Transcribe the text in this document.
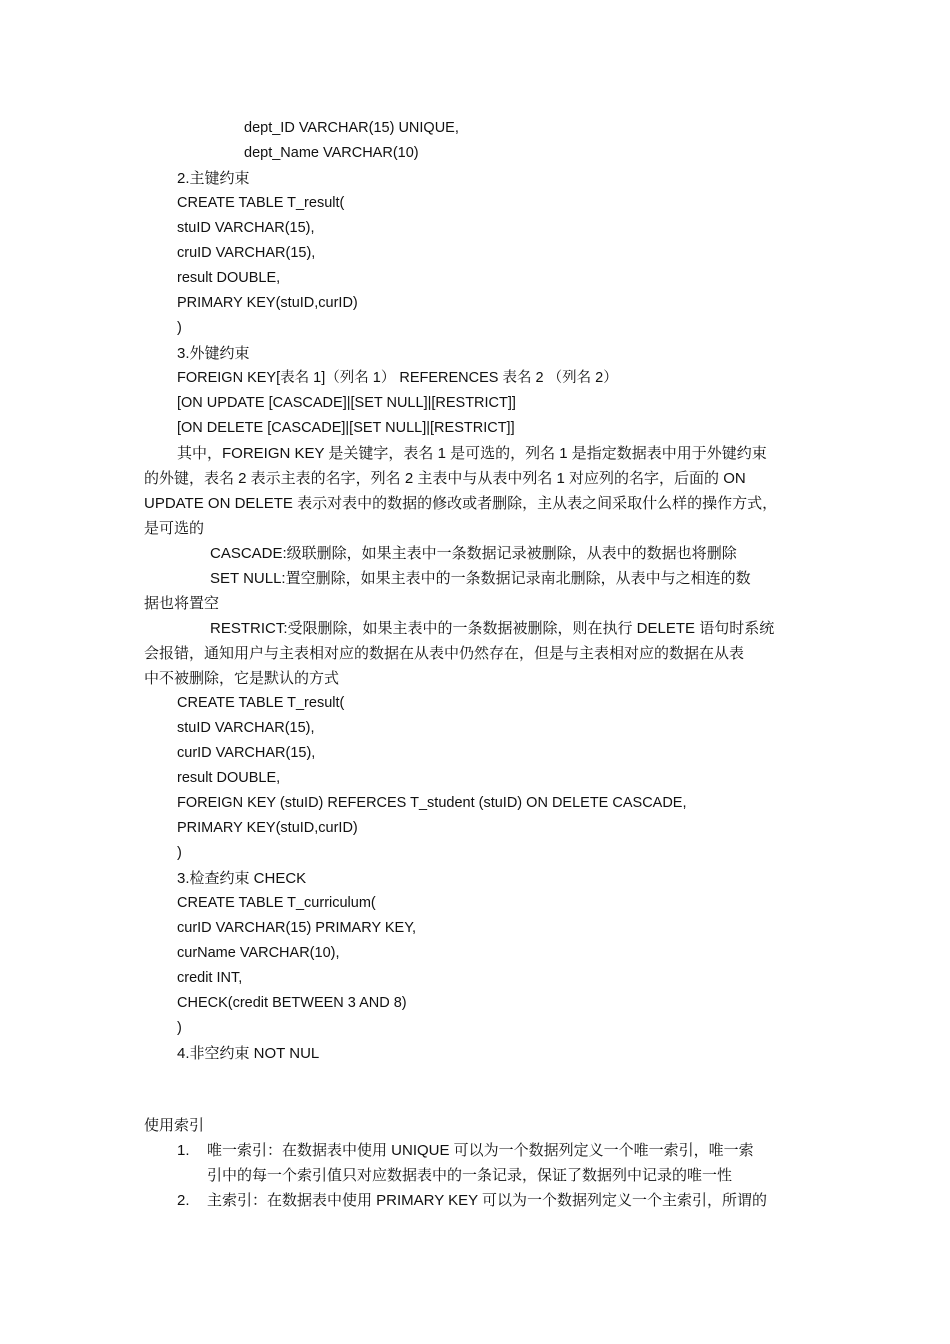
dept_ID VARCHAR(15) UNIQUE,
dept_Name VARCHAR(10)
2.主键约束
CREATE TABLE T_result(
stuID VARCHAR(15),
cruID VARCHAR(15),
result DOUBLE,
PRIMARY KEY(stuID,curID)
)
3.外键约束
FOREIGN KEY[表名 1]（列名 1） REFERENCES 表名 2 （列名 2）
[ON UPDATE [CASCADE]|[SET NULL]|[RESTRICT]]
[ON DELETE [CASCADE]|[SET NULL]|[RESTRICT]]
其中，FOREIGN KEY 是关键字，表名 1 是可选的，列名 1 是指定数据表中用于外键约束
的外键，表名 2 表示主表的名字，列名 2 主表中与从表中列名 1 对应列的名字，后面的 ON
UPDATE ON DELETE 表示对表中的数据的修改或者删除，主从表之间采取什么样的操作方式，
是可选的
CASCADE:级联删除，如果主表中一条数据记录被删除，从表中的数据也将删除
SET NULL:置空删除，如果主表中的一条数据记录南北删除，从表中与之相连的数
据也将置空
RESTRICT:受限删除，如果主表中的一条数据被删除，则在执行 DELETE 语句时系统
会报错，通知用户与主表相对应的数据在从表中仍然存在，但是与主表相对应的数据在从表
中不被删除，它是默认的方式
CREATE TABLE T_result(
stuID VARCHAR(15),
curID VARCHAR(15),
result DOUBLE,
FOREIGN KEY (stuID) REFERCES T_student (stuID) ON DELETE CASCADE,
PRIMARY KEY(stuID,curID)
)
3.检查约束 CHECK
CREATE TABLE T_curriculum(
curID VARCHAR(15) PRIMARY KEY,
curName VARCHAR(10),
credit INT,
CHECK(credit BETWEEN 3 AND 8)
)
4.非空约束 NOT NUL
使用索引
1. 唯一索引：在数据表中使用 UNIQUE 可以为一个数据列定义一个唯一索引，唯一索
引中的每一个索引值只对应数据表中的一条记录，保证了数据列中记录的唯一性
2. 主索引：在数据表中使用 PRIMARY KEY 可以为一个数据列定义一个主索引，所谓的
